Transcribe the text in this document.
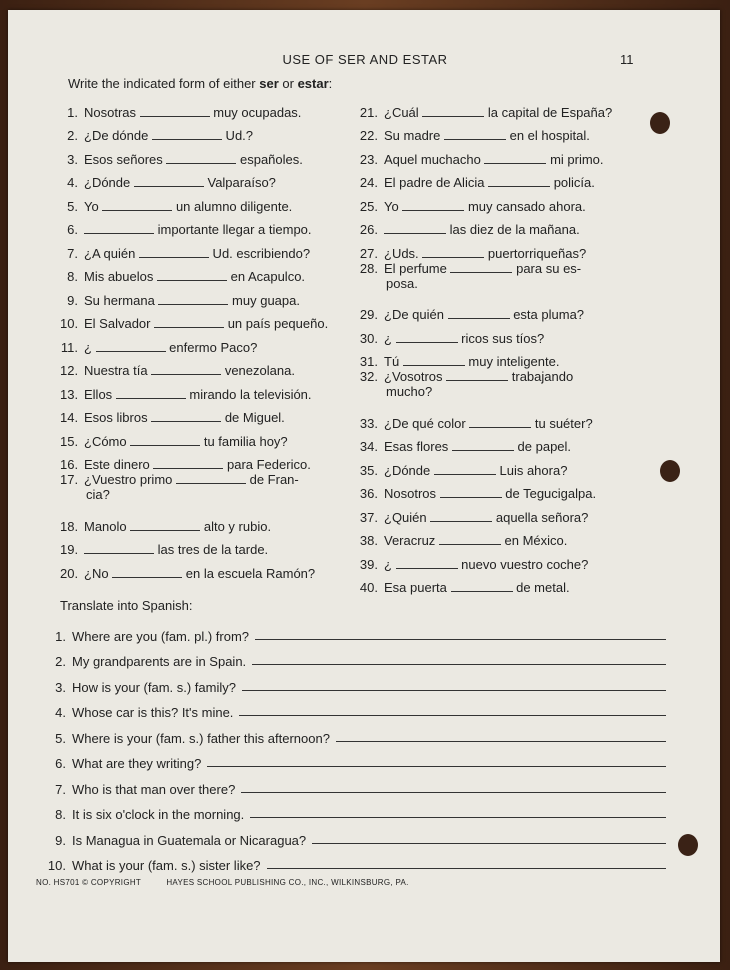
USE OF SER AND ESTAR	11
Write the indicated form of either ser or estar:
1. Nosotras	muy ocupadas.
2. ¿De dónde	Ud.?
3. Esos señores	españoles.
4. ¿Dónde	Valparaíso?
5. Yo	un alumno diligente.
6.	importante llegar a tiempo.
7. ¿A quién	Ud. escribiendo?
8. Mis abuelos	en Acapulco.
9. Su hermana	muy guapa.
10. El Salvador	un país pequeño.
11. ¿	enfermo Paco?
12. Nuestra tía	venezolana.
13. Ellos	mirando la televisión.
14. Esos libros	de Miguel.
15. ¿Cómo	tu familia hoy?
16. Este dinero	para Federico.
17. ¿Vuestro primo	de Fran-
cia?
18. Manolo	alto y rubio.
19.	las tres de la tarde.
20. ¿No	en la escuela Ramón?
21. ¿Cuál	la capital de España?
22. Su madre	en el hospital.
23. Aquel muchacho	mi primo.
24. El padre de Alicia	policía.
25. Yo	muy cansado ahora.
26.	las diez de la mañana.
27. ¿Uds.	puertorriqueñas?
28. El perfume	para su es-
posa.
29. ¿De quién	esta pluma?
30. ¿	ricos sus tíos?
31. Tú	muy inteligente.
32. ¿Vosotros	trabajando
mucho?
33. ¿De qué color	tu suéter?
34. Esas flores	de papel.
35. ¿Dónde	Luis ahora?
36. Nosotros	de Tegucigalpa.
37. ¿Quién	aquella señora?
38. Veracruz	en México.
39. ¿	nuevo vuestro coche?
40. Esa puerta	de metal.
Translate into Spanish:
1. Where are you (fam. pl.) from?
2. My grandparents are in Spain.
3. How is your (fam. s.) family?
4. Whose car is this? It's mine.
5. Where is your (fam. s.) father this afternoon?
6. What are they writing?
7. Who is that man over there?
8. It is six o'clock in the morning.
9. Is Managua in Guatemala or Nicaragua?
10. What is your (fam. s.) sister like?
NO. HS701 © COPYRIGHT	HAYES SCHOOL PUBLISHING CO., INC., WILKINSBURG, PA.
